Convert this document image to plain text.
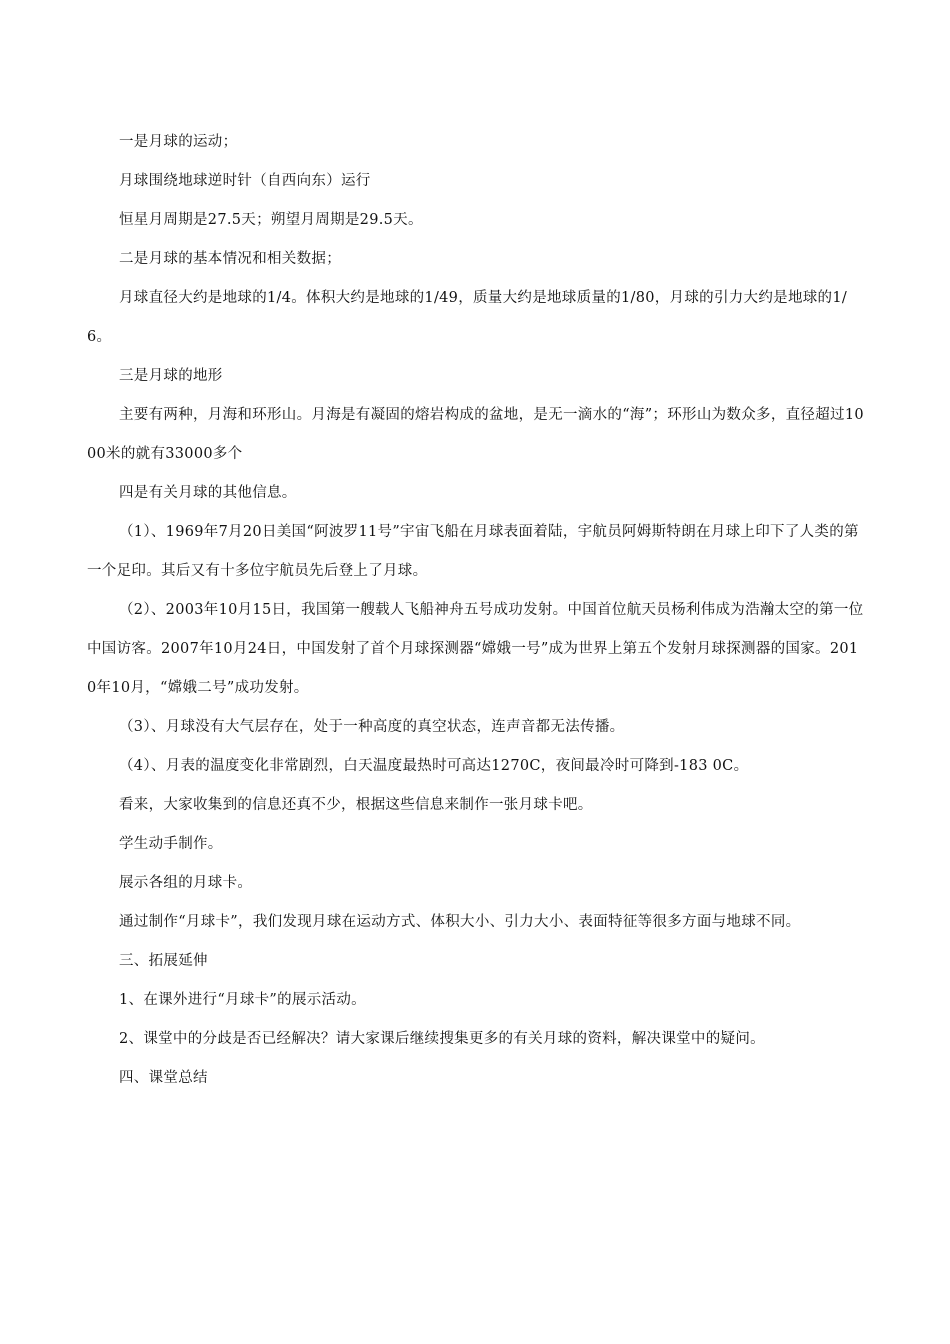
一是月球的运动；

月球围绕地球逆时针（自西向东）运行

恒星月周期是27.5天；朔望月周期是29.5天。

二是月球的基本情况和相关数据；

月球直径大约是地球的1/4。体积大约是地球的1/49，质量大约是地球质量的1/80，月球的引力大约是地球的1/6。

三是月球的地形

主要有两种，月海和环形山。月海是有凝固的熔岩构成的盆地，是无一滴水的“海”；环形山为数众多，直径超过1000米的就有33000多个

四是有关月球的其他信息。

（1）、1969年7月20日美国“阿波罗11号”宇宙飞船在月球表面着陆，宇航员阿姆斯特朗在月球上印下了人类的第一个足印。其后又有十多位宇航员先后登上了月球。

（2）、2003年10月15日，我国第一艘载人飞船神舟五号成功发射。中国首位航天员杨利伟成为浩瀚太空的第一位中国访客。2007年10月24日，中国发射了首个月球探测器“嫦娥一号”成为世界上第五个发射月球探测器的国家。2010年10月，“嫦娥二号”成功发射。

（3）、月球没有大气层存在，处于一种高度的真空状态，连声音都无法传播。

（4）、月表的温度变化非常剧烈，白天温度最热时可高达1270C，夜间最冷时可降到-183 0C。

看来，大家收集到的信息还真不少，根据这些信息来制作一张月球卡吧。

学生动手制作。

展示各组的月球卡。

通过制作“月球卡”，我们发现月球在运动方式、体积大小、引力大小、表面特征等很多方面与地球不同。

三、拓展延伸

1、在课外进行“月球卡”的展示活动。

2、课堂中的分歧是否已经解决？请大家课后继续搜集更多的有关月球的资料，解决课堂中的疑问。

四、课堂总结
